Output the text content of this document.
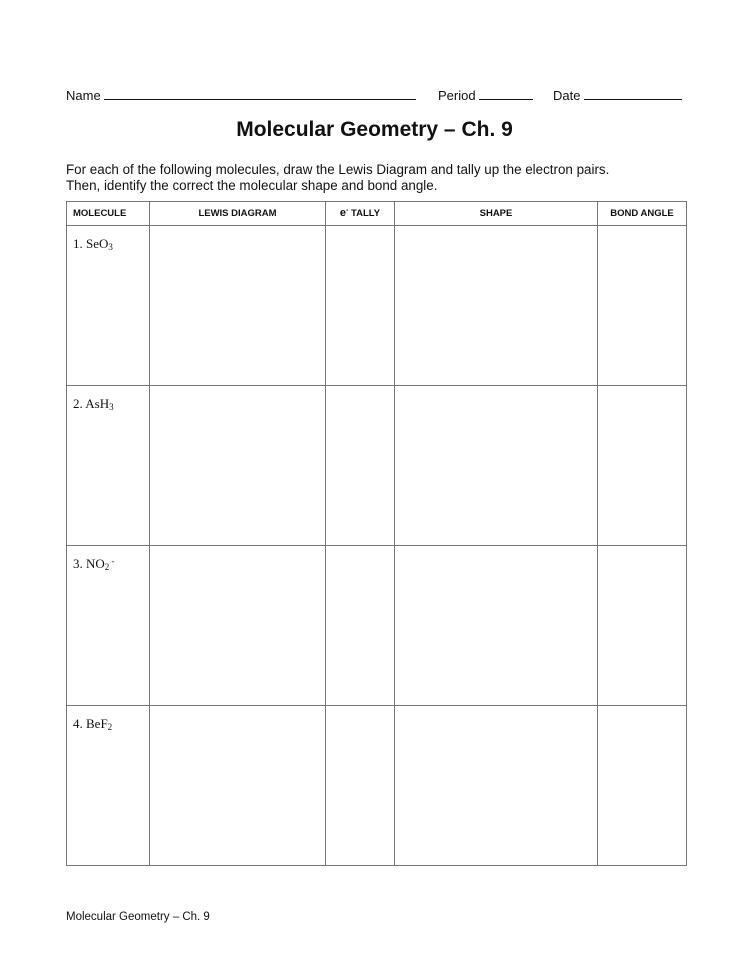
Name	Period	Date
Molecular Geometry – Ch. 9
For each of the following molecules, draw the Lewis Diagram and tally up the electron pairs.
Then, identify the correct the molecular shape and bond angle.
MOLECULE	LEWIS DIAGRAM	e- TALLY	SHAPE	BOND ANGLE

1. SeO$_3$

2. AsH$_3$

3. $NO_2$ -

4. BeF$_2$

Molecular Geometry – Ch. 9
